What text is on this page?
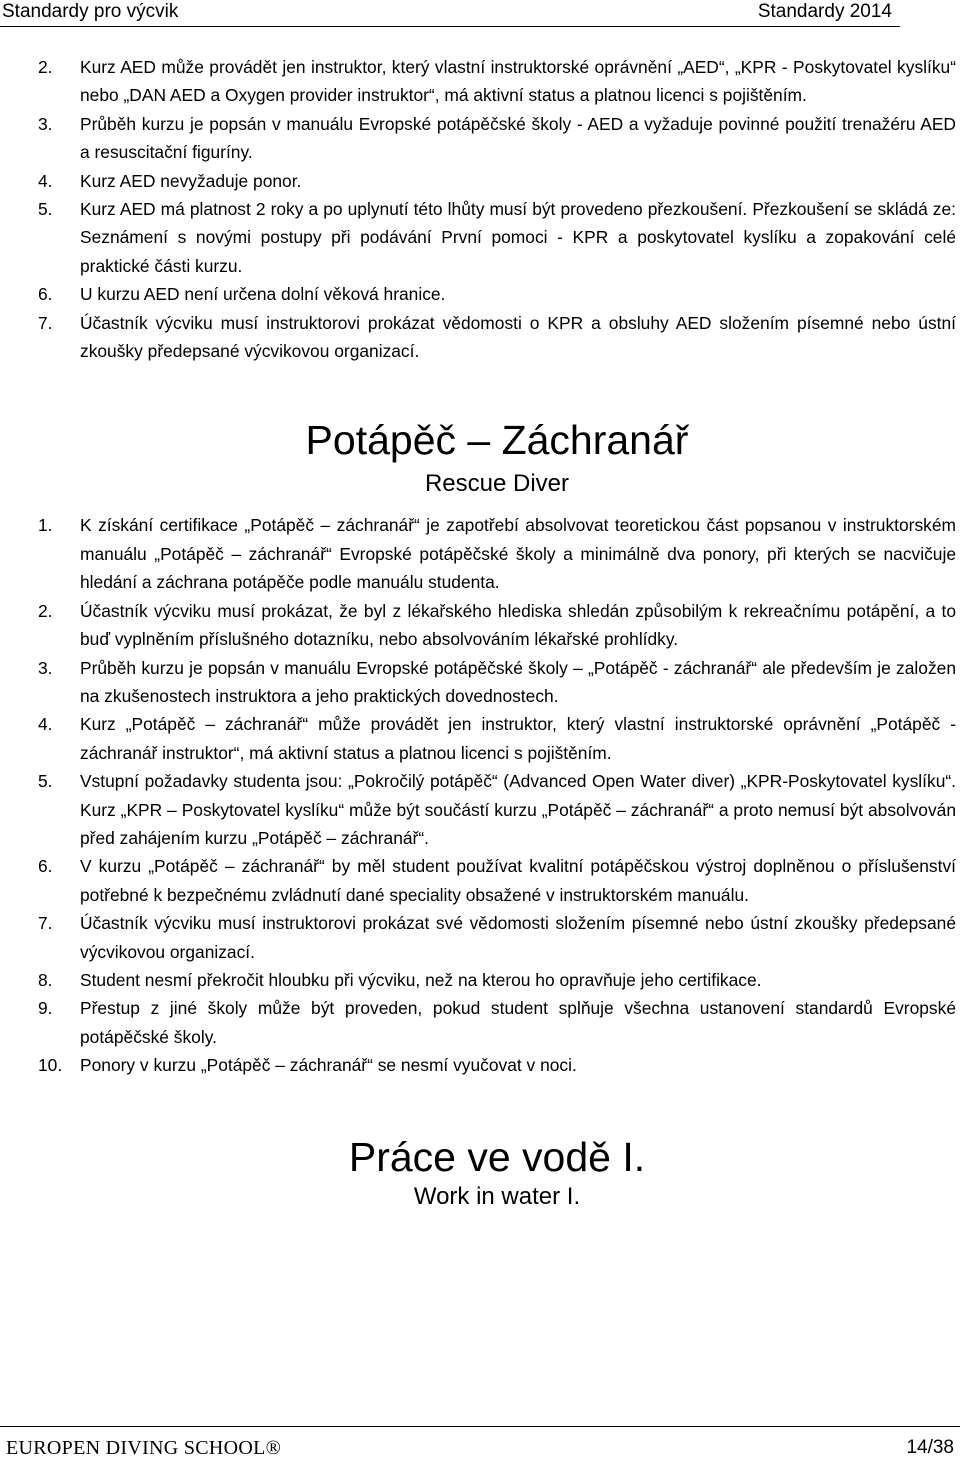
Standardy pro výcvik	Standardy 2014
2. Kurz AED může provádět jen instruktor, který vlastní instruktorské oprávnění „AED“, „KPR - Poskytovatel kyslíku“ nebo „DAN AED a Oxygen provider instruktor“, má aktivní status a platnou licenci s pojištěním.
3. Průběh kurzu je popsán v manuálu Evropské potápěčské školy - AED a vyžaduje povinné použití trenažéru AED a resuscitační figuríny.
4. Kurz AED nevyžaduje ponor.
5. Kurz AED má platnost 2 roky a po uplynutí této lhůty musí být provedeno přezkoušení. Přezkoušení se skládá ze: Seznámení s novými postupy při podávání První pomoci - KPR a poskytovatel kyslíku a zopakování celé praktické části kurzu.
6. U kurzu AED není určena dolní věková hranice.
7. Účastník výcviku musí instruktorovi prokázat vědomosti o KPR a obsluhy AED složením písemné nebo ústní zkoušky předepsané výcvikovou organizací.
Potápěč – Záchranář
Rescue Diver
1. K získání certifikace „Potápěč – záchranář“ je zapotřebí absolvovat teoretickou část popsanou v instruktorském manuálu „Potápěč – záchranář“ Evropské potápěčské školy a minimálně dva ponory, při kterých se nacvičuje hledání a záchrana potápěče podle manuálu studenta.
2. Účastník výcviku musí prokázat, že byl z lékařského hlediska shledán způsobilým k rekreačnímu potápění, a to buď vyplněním příslušného dotazníku, nebo absolvováním lékařské prohlídky.
3. Průběh kurzu je popsán v manuálu Evropské potápěčské školy – „Potápěč - záchranář“ ale především je založen na zkušenostech instruktora a jeho praktických dovednostech.
4. Kurz „Potápěč – záchranář“ může provádět jen instruktor, který vlastní instruktorské oprávnění „Potápěč - záchranář instruktor“, má aktivní status a platnou licenci s pojištěním.
5. Vstupní požadavky studenta jsou: „Pokročilý potápěč“ (Advanced Open Water diver) „KPR-Poskytovatel kyslíku“. Kurz „KPR – Poskytovatel kyslíku“ může být součástí kurzu „Potápěč – záchranář“ a proto nemusí být absolvován před zahájením kurzu „Potápěč – záchranář“.
6. V kurzu „Potápěč – záchranář“ by měl student používat kvalitní potápěčskou výstroj doplněnou o příslušenství potřebné k bezpečnému zvládnutí dané speciality obsažené v instruktorském manuálu.
7. Účastník výcviku musí instruktorovi prokázat své vědomosti složením písemné nebo ústní zkoušky předepsané výcvikovou organizací.
8. Student nesmí překročit hloubku při výcviku, než na kterou ho opravňuje jeho certifikace.
9. Přestup z jiné školy může být proveden, pokud student splňuje všechna ustanovení standardů Evropské potápěčské školy.
10. Ponory v kurzu „Potápěč – záchranář“ se nesmí vyučovat v noci.
Práce ve vodě I.
Work in water I.
EUROPEN DIVING SCHOOL®	14/38
